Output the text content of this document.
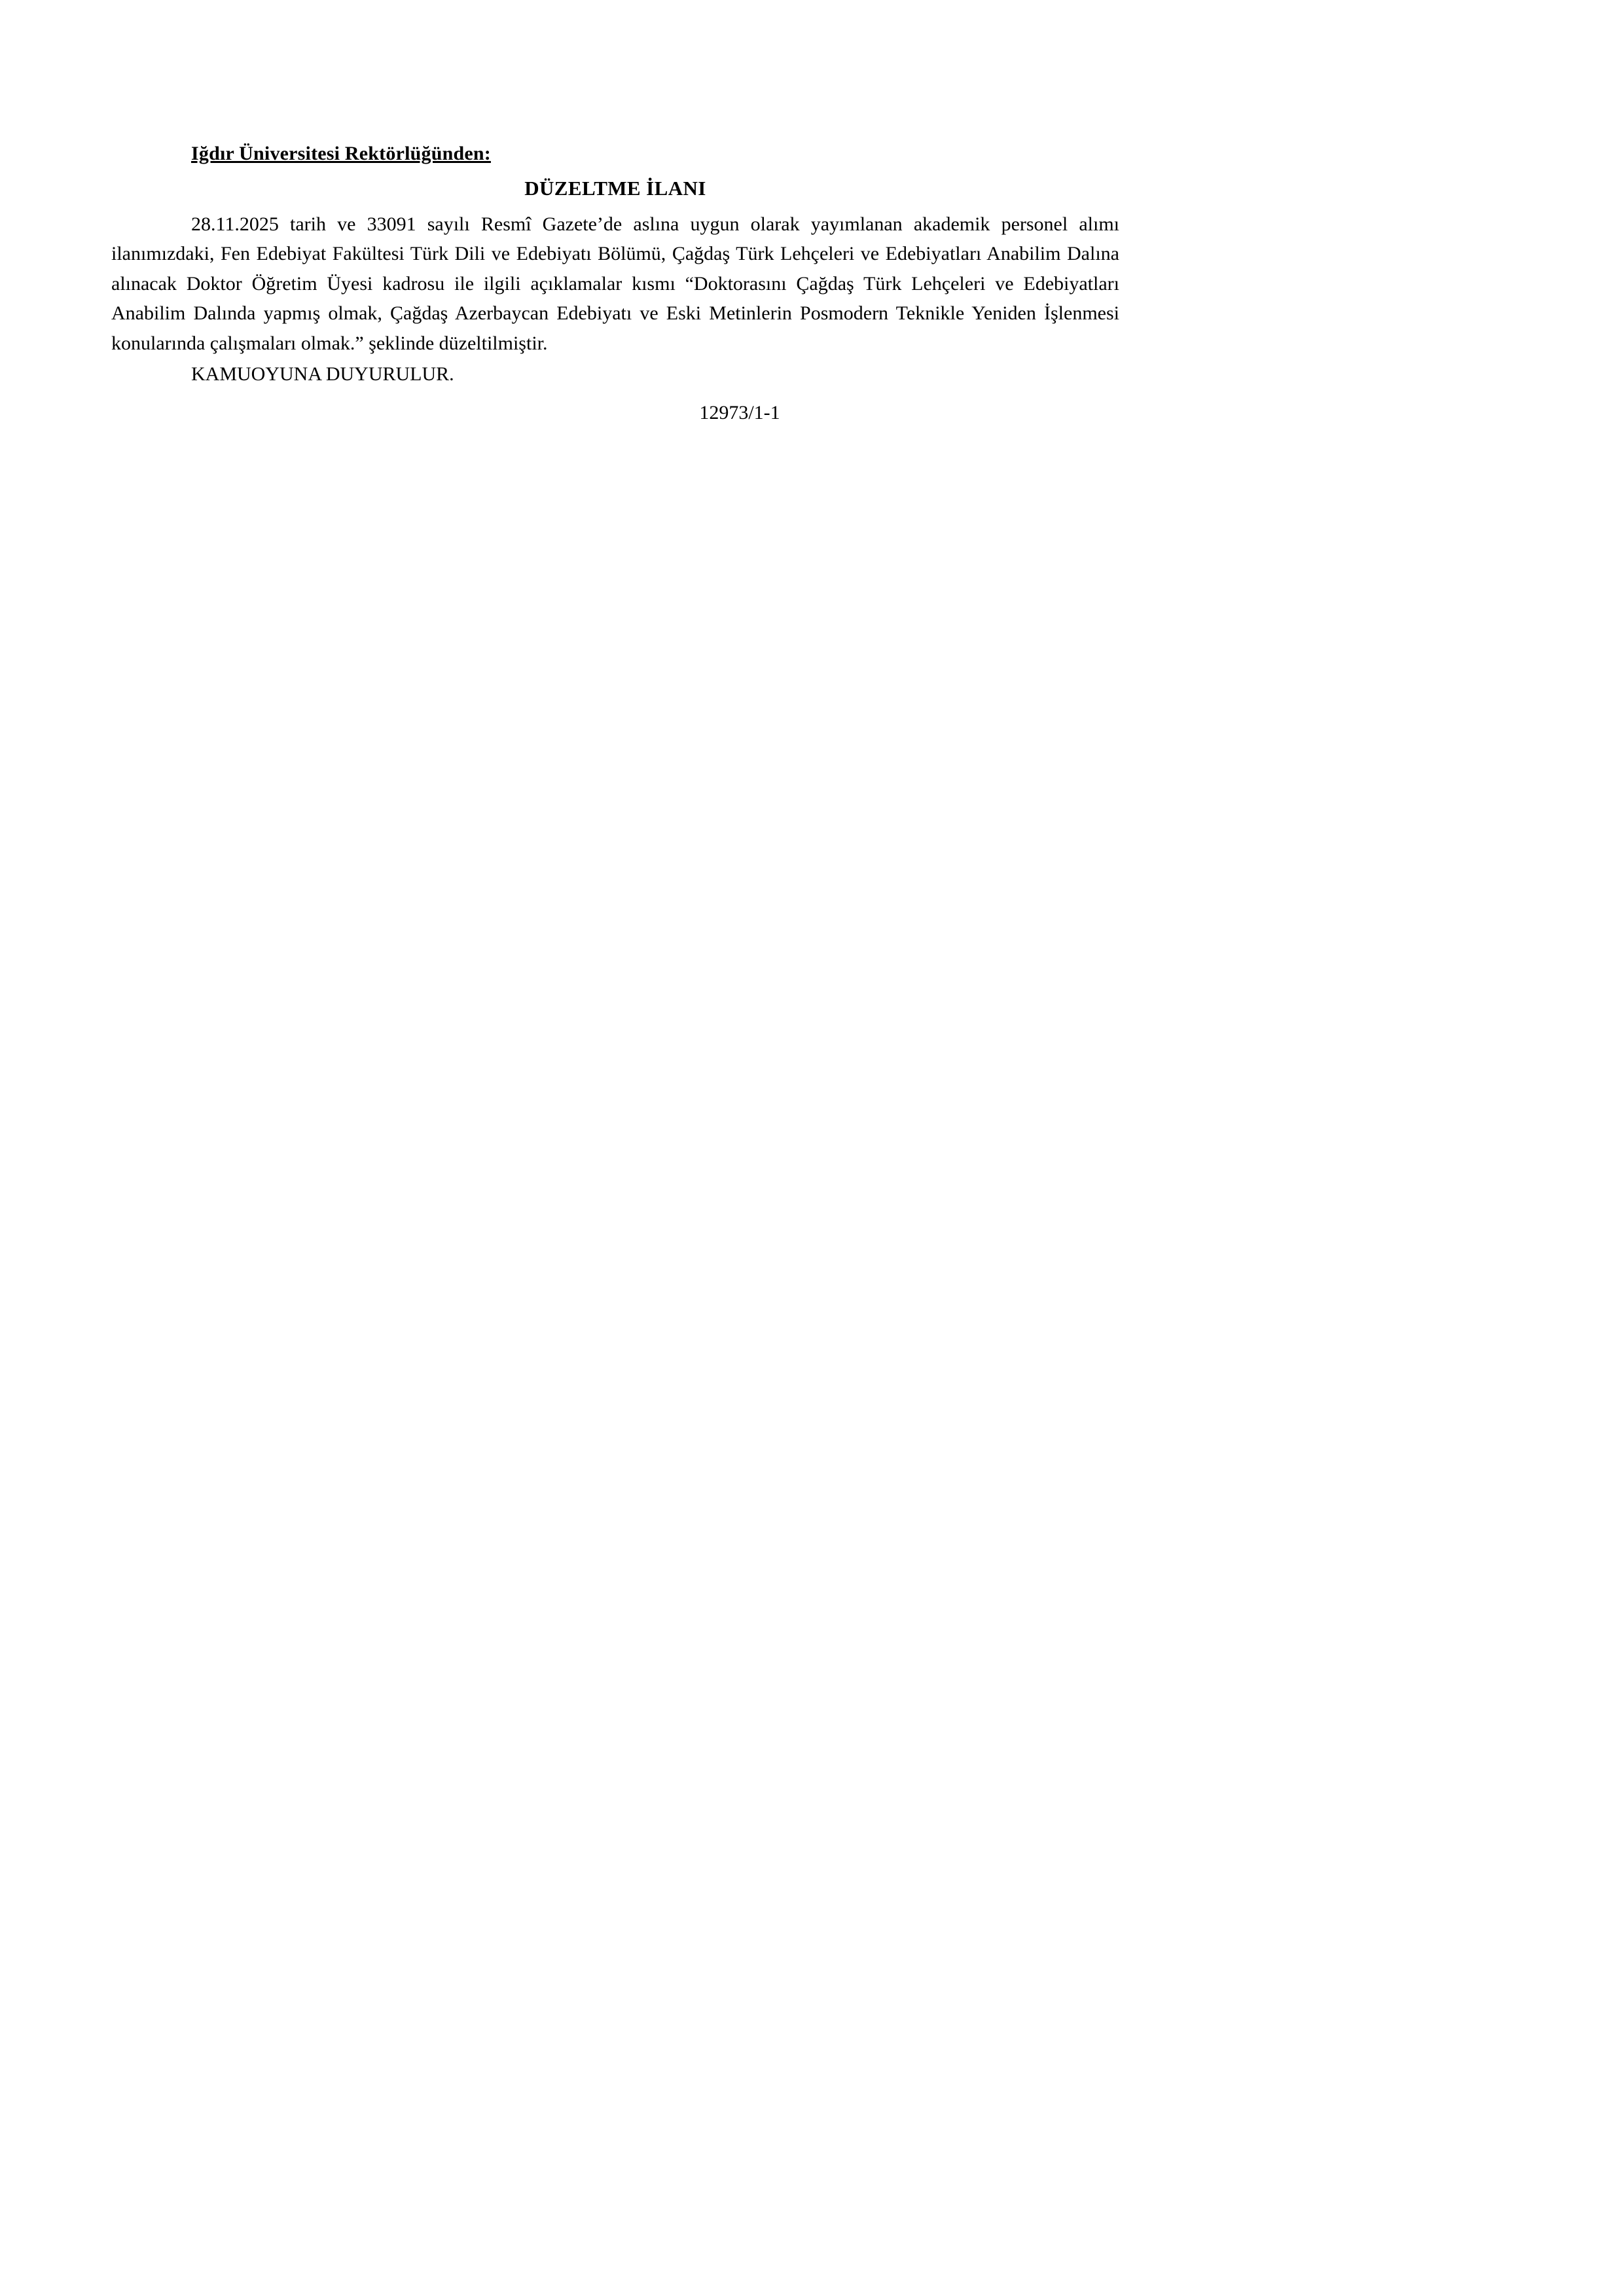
Iğdır Üniversitesi Rektörlüğünden:
DÜZELTME İLANI
28.11.2025 tarih ve 33091 sayılı Resmî Gazete’de aslına uygun olarak yayımlanan akademik personel alımı ilanımızdaki, Fen Edebiyat Fakültesi Türk Dili ve Edebiyatı Bölümü, Çağdaş Türk Lehçeleri ve Edebiyatları Anabilim Dalına alınacak Doktor Öğretim Üyesi kadrosu ile ilgili açıklamalar kısmı “Doktorasını Çağdaş Türk Lehçeleri ve Edebiyatları Anabilim Dalında yapmış olmak, Çağdaş Azerbaycan Edebiyatı ve Eski Metinlerin Posmodern Teknikle Yeniden İşlenmesi konularında çalışmaları olmak.” şeklinde düzeltilmiştir.
KAMUOYUNA DUYURULUR.
12973/1-1
